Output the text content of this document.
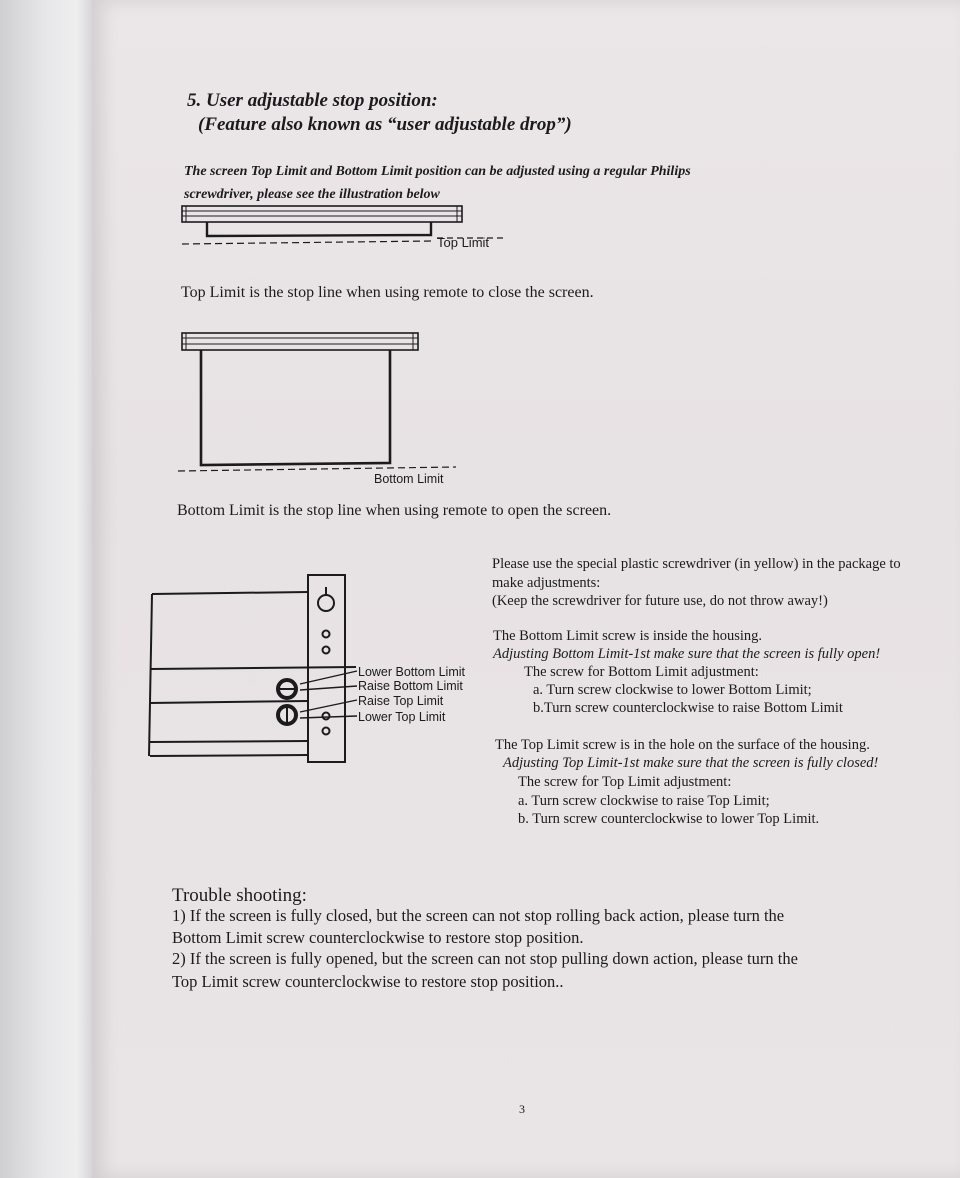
5. User adjustable stop position:
(Feature also known as “user adjustable drop”)
The screen Top Limit and Bottom Limit position can be adjusted using a regular Philips
screwdriver, please see the illustration below
Top Limit
Top Limit is the stop line when using remote to close the screen.
Bottom Limit
Bottom Limit is the stop line when using remote to open the screen.
Lower Bottom Limit
Raise Bottom Limit
Raise Top Limit
Lower Top Limit
Please use the special plastic screwdriver (in yellow) in the package to
make adjustments:
(Keep the screwdriver for future use, do not throw away!)
The Bottom Limit screw is inside the housing.
Adjusting Bottom Limit-1st make sure that the screen is fully open!
The screw for Bottom Limit adjustment:
a. Turn screw clockwise to lower Bottom Limit;
b.Turn screw counterclockwise to raise Bottom Limit
The Top Limit screw is in the hole on the surface of the housing.
Adjusting Top Limit-1st make sure that the screen is fully closed!
The screw for Top Limit adjustment:
a. Turn screw clockwise to raise Top Limit;
b. Turn screw counterclockwise to lower Top Limit.
Trouble shooting:
1) If the screen is fully closed, but the screen can not stop rolling back action, please turn the
Bottom Limit screw counterclockwise to restore stop position.
2) If the screen is fully opened, but the screen can not stop pulling down action, please turn the
Top Limit screw counterclockwise to restore stop position..
3
